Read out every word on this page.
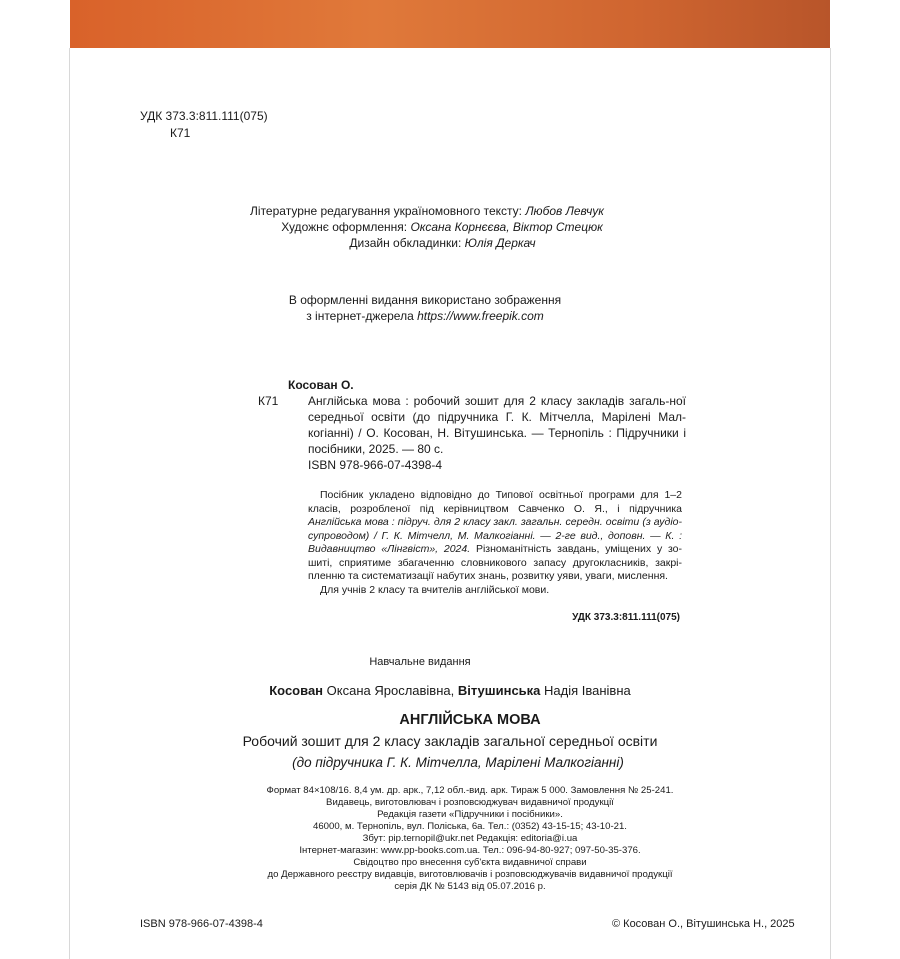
УДК 373.3:811.111(075)
К71
Літературне редагування україномовного тексту: Любов Левчук
Художнє оформлення: Оксана Корнєєва, Віктор Стецюк
Дизайн обкладинки: Юлія Деркач
В оформленні видання використано зображення
з інтернет-джерела https://www.freepik.com
Косован О.
К71	Англійська мова : робочий зошит для 2 класу закладів загаль-ної середньої освіти (до підручника Г. К. Мітчелла, Марілені Мал-когіанні) / О. Косован, Н. Вітушинська. — Тернопіль : Підручники і посібники, 2025. — 80 с.
ISBN 978-966-07-4398-4

Посібник укладено відповідно до Типової освітньої програми для 1–2 класів, розробленої під керівництвом Савченко О. Я., і підручника Англійська мова : підруч. для 2 класу закл. загальн. середн. освіти (з аудіо-супроводом) / Г. К. Мітчелл, М. Малкогіанні. — 2-ге вид., доповн. — К. : Видавництво «Лінгвіст», 2024. Різноманітність завдань, уміщених у зо-шиті, сприятиме збагаченню словникового запасу другокласників, закрі-пленню та систематизації набутих знань, розвитку уяви, уваги, мислення.

Для учнів 2 класу та вчителів англійської мови.

УДК 373.3:811.111(075)
Навчальне видання
Косован Оксана Ярославівна, Вітушинська Надія Іванівна
АНГЛІЙСЬКА МОВА
Робочий зошит для 2 класу закладів загальної середньої освіти
(до підручника Г. К. Мітчелла, Марілені Малкогіанні)
Формат 84×108/16. 8,4 ум. др. арк., 7,12 обл.-вид. арк. Тираж 5 000. Замовлення № 25-241.
Видавець, виготовлювач і розповсюджувач видавничої продукції
Редакція газети «Підручники і посібники».
46000, м. Тернопіль, вул. Поліська, 6а. Тел.: (0352) 43-15-15; 43-10-21.
Збут: pip.ternopil@ukr.net Редакція: editoria@i.ua
Інтернет-магазин: www.pp-books.com.ua. Тел.: 096-94-80-927; 097-50-35-376.
Свідоцтво про внесення суб'єкта видавничої справи
до Державного реєстру видавців, виготовлювачів і розповсюджувачів видавничої продукції
серія ДК № 5143 від 05.07.2016 р.
ISBN 978-966-07-4398-4	© Косован О., Вітушинська Н., 2025
